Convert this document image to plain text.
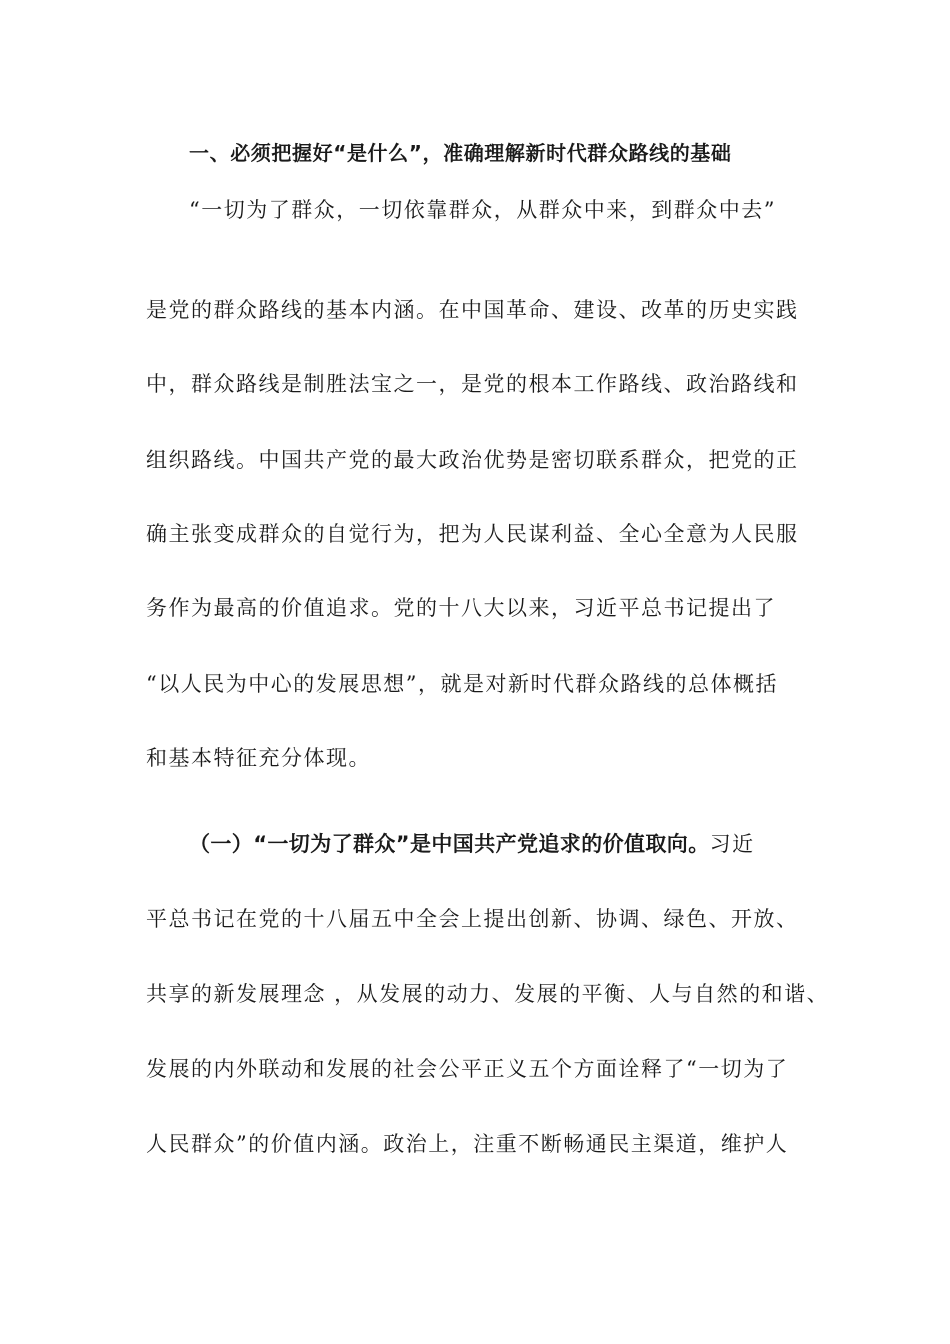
一、必须把握好“是什么”，准确理解新时代群众路线的基础
“一切为了群众，一切依靠群众，从群众中来，到群众中去”
是党的群众路线的基本内涵。在中国革命、建设、改革的历史实践
中，群众路线是制胜法宝之一，是党的根本工作路线、政治路线和
组织路线。中国共产党的最大政治优势是密切联系群众，把党的正
确主张变成群众的自觉行为，把为人民谋利益、全心全意为人民服
务作为最高的价值追求。党的十八大以来，习近平总书记提出了
“以人民为中心的发展思想”，就是对新时代群众路线的总体概括
和基本特征充分体现。
（一）“一切为了群众”是中国共产党追求的价值取向。习近
平总书记在党的十八届五中全会上提出创新、协调、绿色、开放、
共享的新发展理念 ，从发展的动力、发展的平衡、人与自然的和谐、
发展的内外联动和发展的社会公平正义五个方面诠释了“一切为了
人民群众”的价值内涵。政治上，注重不断畅通民主渠道，维护人
